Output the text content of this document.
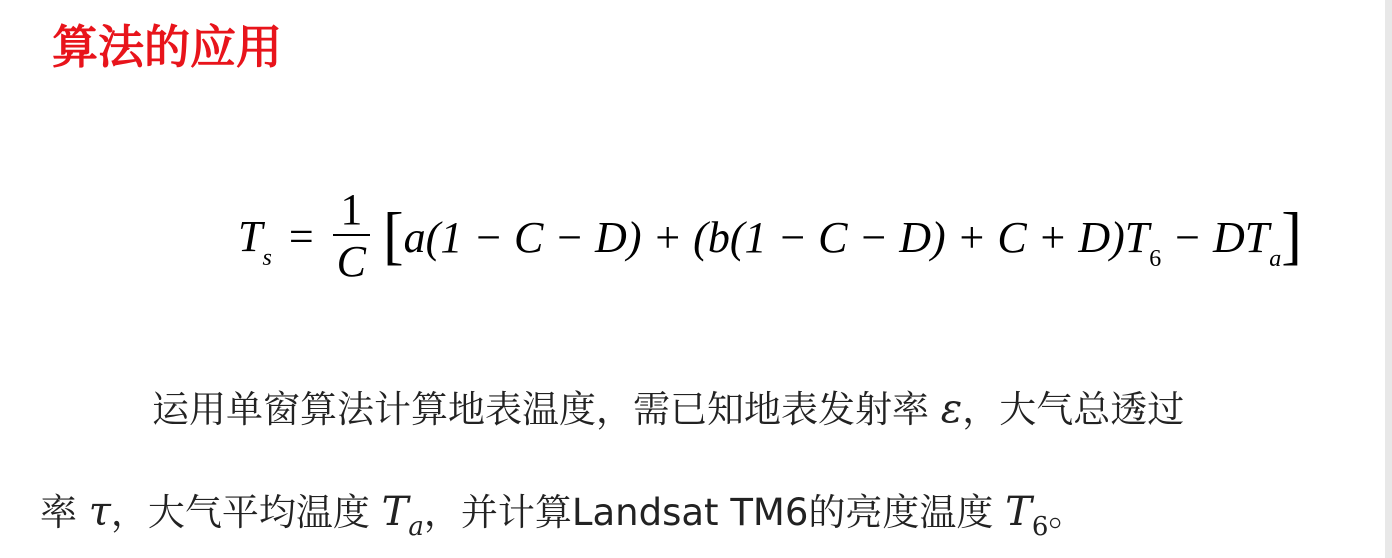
算法的应用
$T_s = \frac{1}{C} [a(1 - C - D) + (b(1 - C - D) + C + D)T_6 - DT_a]$
运用单窗算法计算地表温度，需已知地表发射率 ε，大气总透过
率 τ，大气平均温度 $T_a$，并计算Landsat TM6的亮度温度 $T_6$。
